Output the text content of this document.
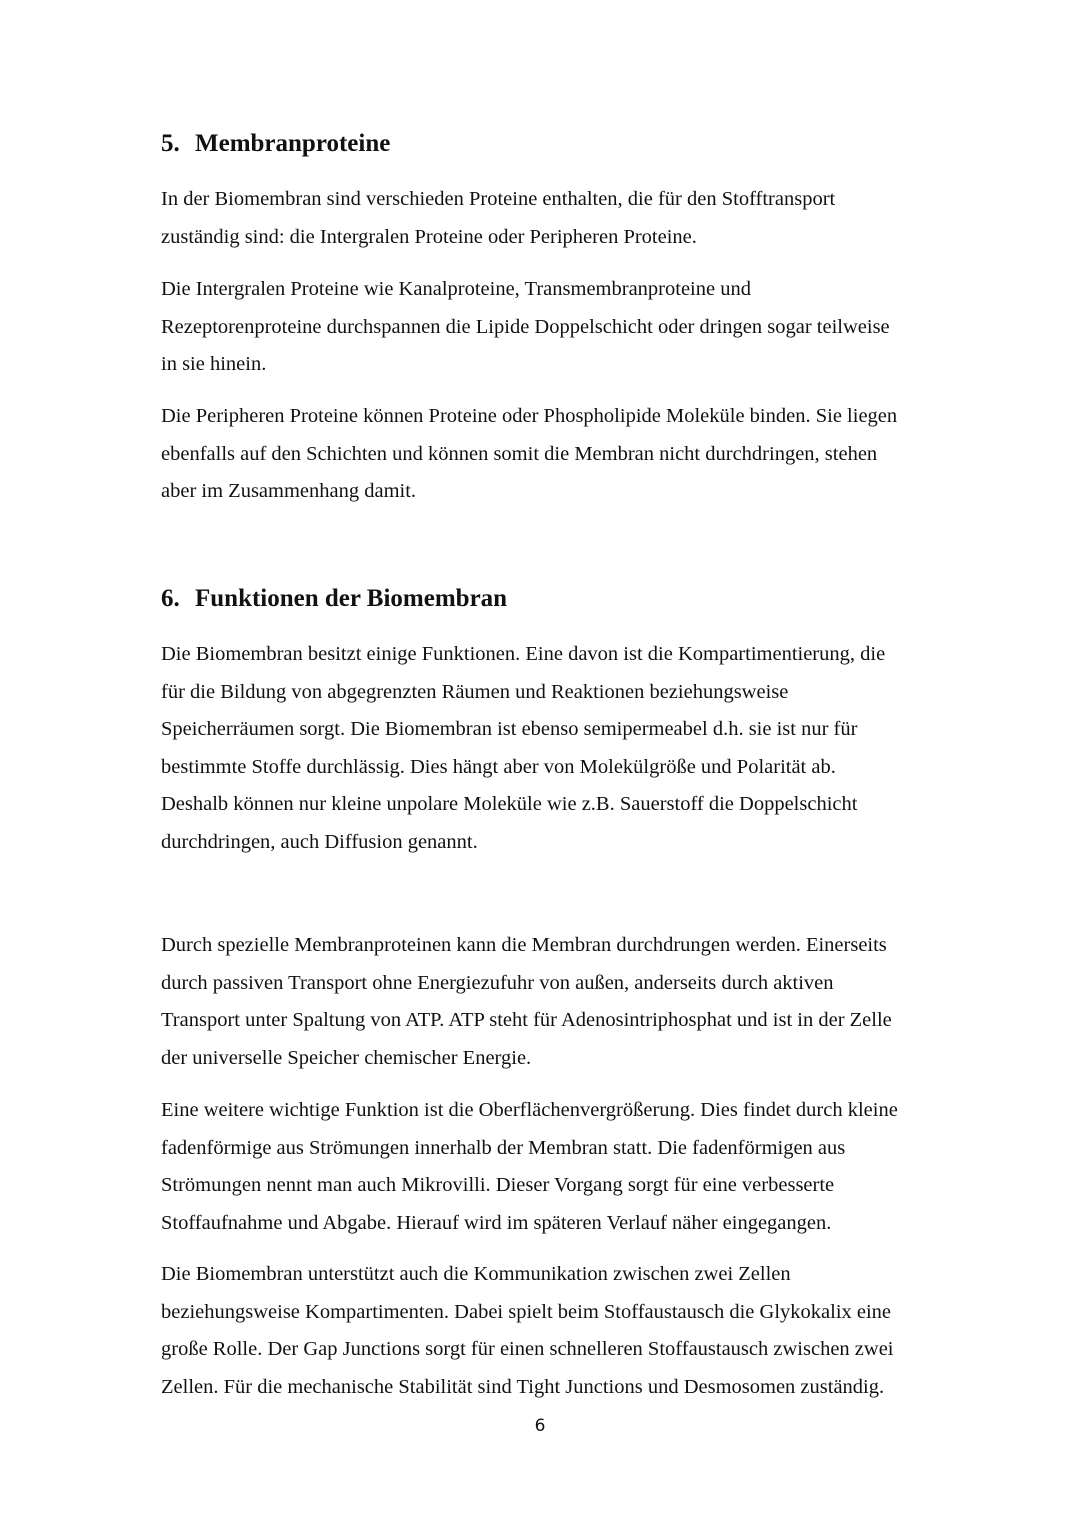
5. Membranproteine

In der Biomembran sind verschieden Proteine enthalten, die für den Stofftransport
zuständig sind: die Intergralen Proteine oder Peripheren Proteine.

Die Intergralen Proteine wie Kanalproteine, Transmembranproteine und
Rezeptorenproteine durchspannen die Lipide Doppelschicht oder dringen sogar teilweise
in sie hinein.

Die Peripheren Proteine können Proteine oder Phospholipide Moleküle binden. Sie liegen
ebenfalls auf den Schichten und können somit die Membran nicht durchdringen, stehen
aber im Zusammenhang damit.

6. Funktionen der Biomembran

Die Biomembran besitzt einige Funktionen. Eine davon ist die Kompartimentierung, die
für die Bildung von abgegrenzten Räumen und Reaktionen beziehungsweise
Speicherräumen sorgt. Die Biomembran ist ebenso semipermeabel d.h. sie ist nur für
bestimmte Stoffe durchlässig. Dies hängt aber von Molekülgröße und Polarität ab.
Deshalb können nur kleine unpolare Moleküle wie z.B. Sauerstoff die Doppelschicht
durchdringen, auch Diffusion genannt.

Durch spezielle Membranproteinen kann die Membran durchdrungen werden. Einerseits
durch passiven Transport ohne Energiezufuhr von außen, anderseits durch aktiven
Transport unter Spaltung von ATP. ATP steht für Adenosintriphosphat und ist in der Zelle
der universelle Speicher chemischer Energie.

Eine weitere wichtige Funktion ist die Oberflächenvergrößerung. Dies findet durch kleine
fadenförmige aus Strömungen innerhalb der Membran statt. Die fadenförmigen aus
Strömungen nennt man auch Mikrovilli. Dieser Vorgang sorgt für eine verbesserte
Stoffaufnahme und Abgabe. Hierauf wird im späteren Verlauf näher eingegangen.

Die Biomembran unterstützt auch die Kommunikation zwischen zwei Zellen
beziehungsweise Kompartimenten. Dabei spielt beim Stoffaustausch die Glykokalix eine
große Rolle. Der Gap Junctions sorgt für einen schnelleren Stoffaustausch zwischen zwei
Zellen. Für die mechanische Stabilität sind Tight Junctions und Desmosomen zuständig.

6
